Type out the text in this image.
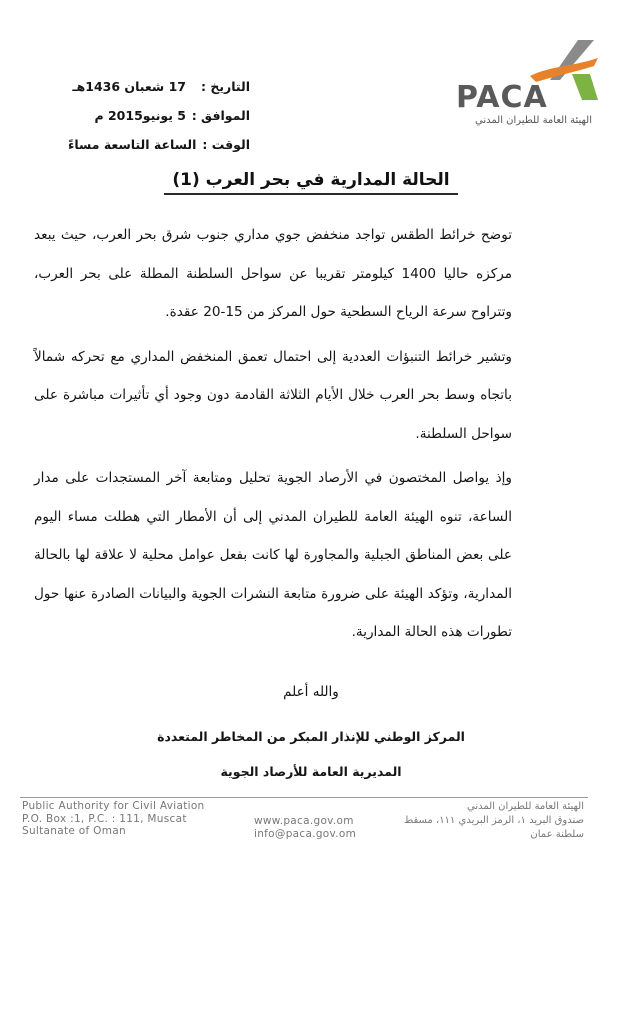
التاريخ :
17 شعبان 1436هـ
الموافق :
5 يونيو2015 م
الوقت :
الساعة التاسعة مساءً
PACA
الهيئة العامة للطيران المدني
الحالة المدارية في بحر العرب (1)

توضح خرائط الطقس تواجد منخفض جوي مداري جنوب شرق بحر العرب، حيث يبعد مركزه حاليا 1400 كيلومتر تقريبا عن سواحل السلطنة المطلة على بحر العرب، وتتراوح سرعة الرياح السطحية حول المركز من 15-20 عقدة.

وتشير خرائط التنبؤات العددية إلى احتمال تعمق المنخفض المداري مع تحركه شمالاً باتجاه وسط بحر العرب خلال الأيام الثلاثة القادمة دون وجود أي تأثيرات مباشرة على سواحل السلطنة.

وإذ يواصل المختصون في الأرصاد الجوية تحليل ومتابعة آخر المستجدات على مدار الساعة، تنوه الهيئة العامة للطيران المدني إلى أن الأمطار التي هطلت مساء اليوم على بعض المناطق الجبلية والمجاورة لها كانت بفعل عوامل محلية لا علاقة لها بالحالة المدارية، وتؤكد الهيئة على ضرورة متابعة النشرات الجوية والبيانات الصادرة عنها حول تطورات هذه الحالة المدارية.

والله أعلم
المركز الوطني للإنذار المبكر من المخاطر المتعددة
المديرية العامة للأرصاد الجوية
Public Authority for Civil Aviation
P.O. Box :1, P.C. : 111, Muscat
Sultanate of Oman
www.paca.gov.om
info@paca.gov.om
الهيئة العامة للطيران المدني
صندوق البريد ١، الرمز البريدي ١١١، مسقط
سلطنة عمان
